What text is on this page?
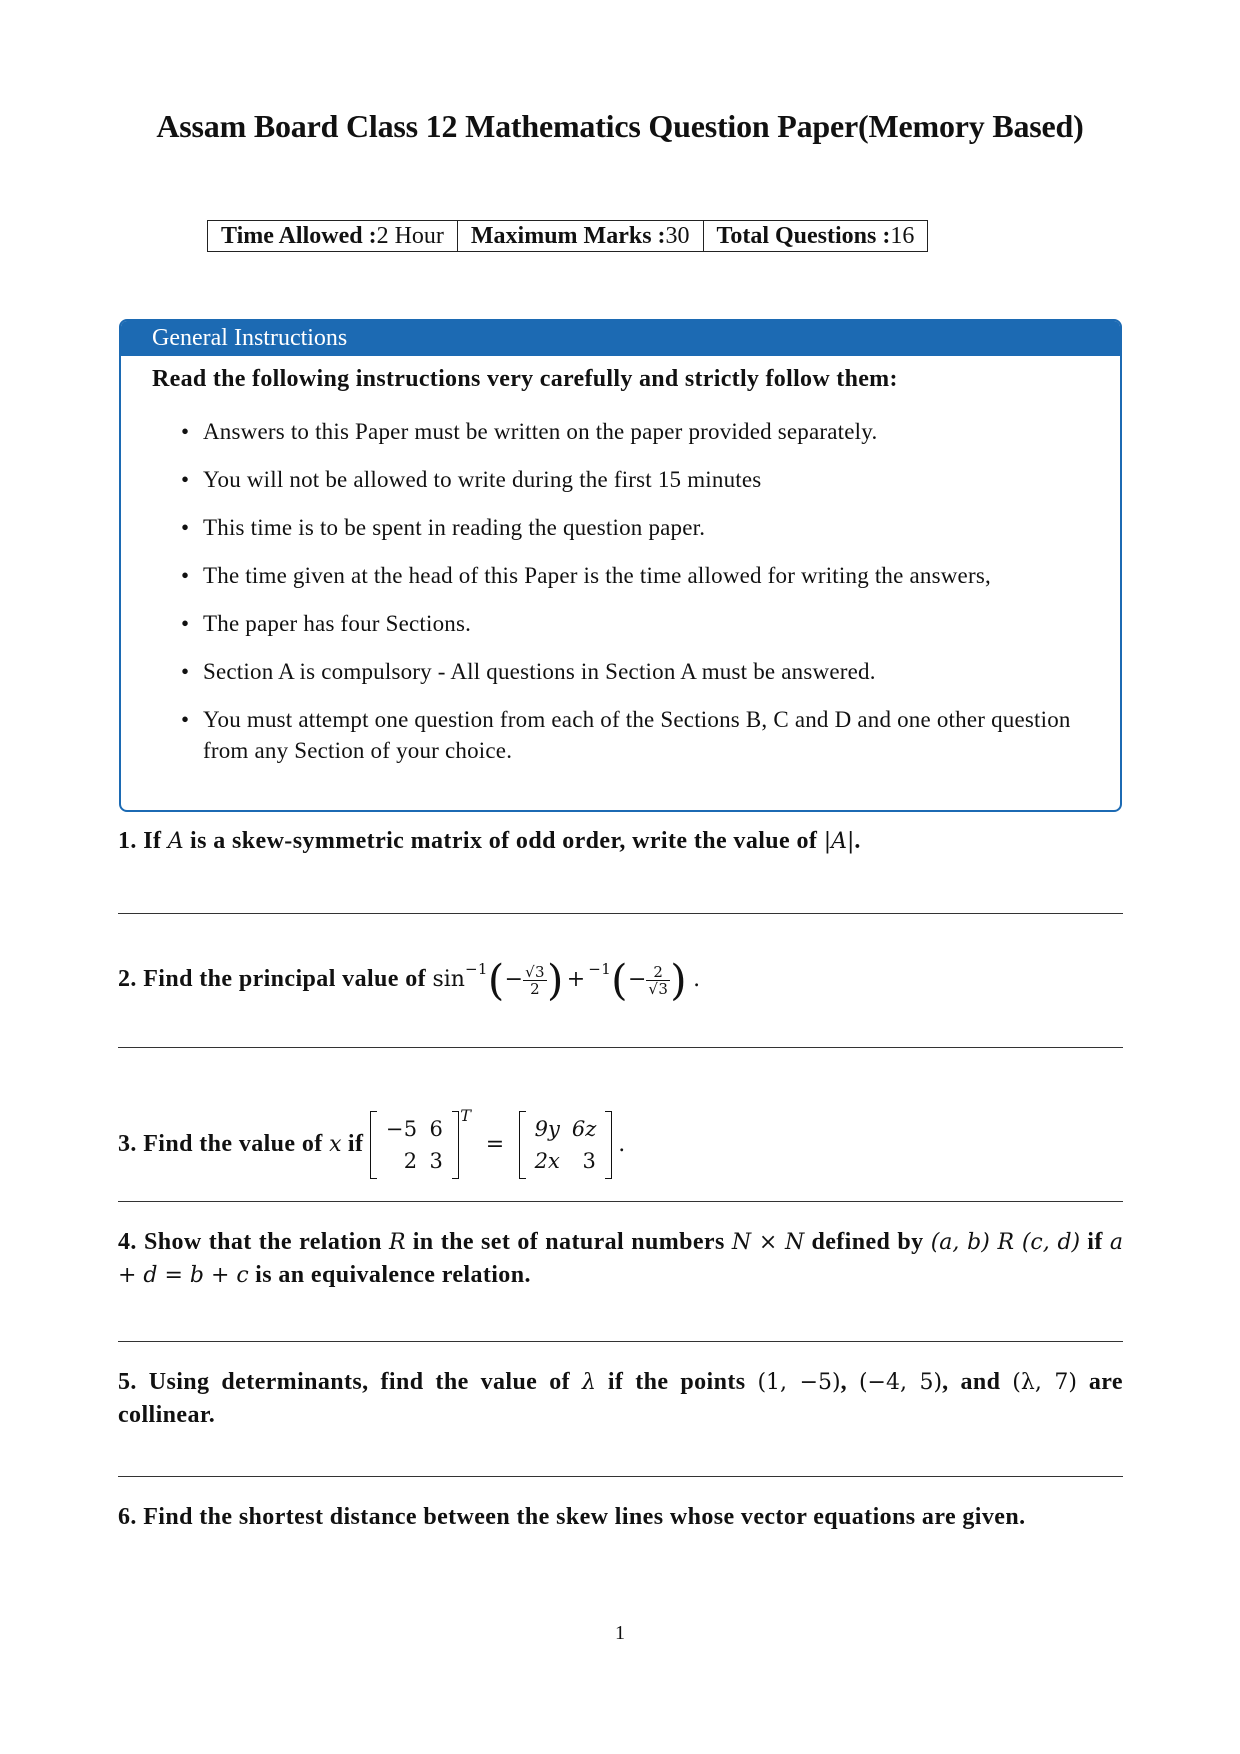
Assam Board Class 12 Mathematics Question Paper(Memory Based)
Time Allowed :2 Hour	Maximum Marks :30	Total Questions :16
General Instructions
Read the following instructions very carefully and strictly follow them:
• Answers to this Paper must be written on the paper provided separately.
• You will not be allowed to write during the first 15 minutes
• This time is to be spent in reading the question paper.
• The time given at the head of this Paper is the time allowed for writing the answers,
• The paper has four Sections.
• Section A is compulsory - All questions in Section A must be answered.
• You must attempt one question from each of the Sections B, C and D and one other question from any Section of your choice.
1. If A is a skew-symmetric matrix of odd order, write the value of |A|.
2. Find the principal value of $\sin^{-1}(- \frac{√3}{2}$ ) + $^{-1}(- \frac{2}{√3}$ ) .
3. Find the value of x if
−5	6
2	3
$^T$ =
9y	6z
2x	3
.
4. Show that the relation R in the set of natural numbers N × N defined by (a, b) R (c, d) if a + d = b + c is an equivalence relation.
5. Using determinants, find the value of λ if the points (1, −5), (−4, 5), and (λ, 7) are collinear.
6. Find the shortest distance between the skew lines whose vector equations are given.
1
